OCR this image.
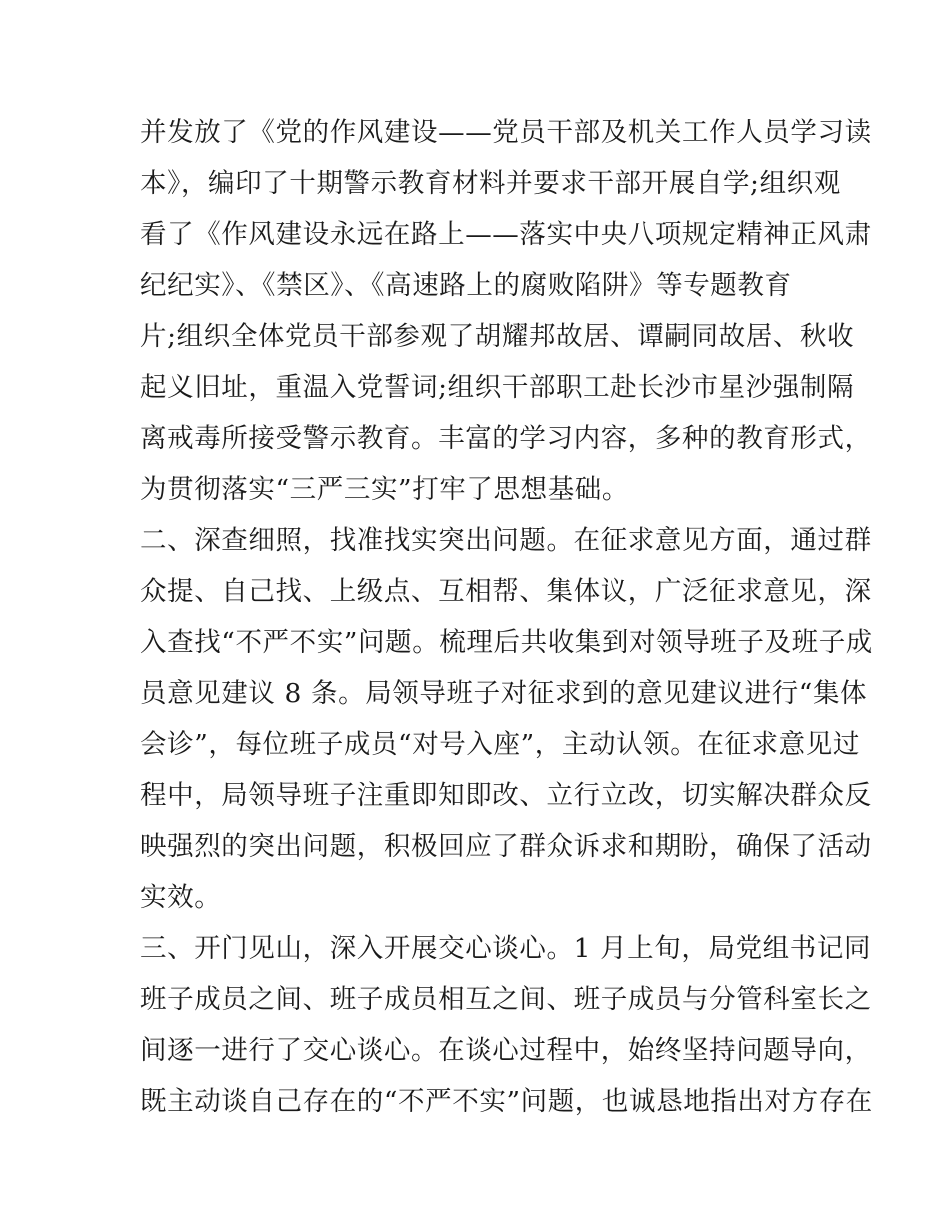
并发放了《党的作风建设——党员干部及机关工作人员学习读
本》，编印了十期警示教育材料并要求干部开展自学;组织观
看了《作风建设永远在路上——落实中央八项规定精神正风肃
纪纪实》、《禁区》、《高速路上的腐败陷阱》等专题教育
片;组织全体党员干部参观了胡耀邦故居、谭嗣同故居、秋收
起义旧址，重温入党誓词;组织干部职工赴长沙市星沙强制隔
离戒毒所接受警示教育。丰富的学习内容，多种的教育形式，
为贯彻落实“三严三实”打牢了思想基础。
二、深查细照，找准找实突出问题。在征求意见方面，通过群
众提、自己找、上级点、互相帮、集体议，广泛征求意见，深
入查找“不严不实”问题。梳理后共收集到对领导班子及班子成
员意见建议 8 条。局领导班子对征求到的意见建议进行“集体
会诊”，每位班子成员“对号入座”，主动认领。在征求意见过
程中，局领导班子注重即知即改、立行立改，切实解决群众反
映强烈的突出问题，积极回应了群众诉求和期盼，确保了活动
实效。
三、开门见山，深入开展交心谈心。1 月上旬，局党组书记同
班子成员之间、班子成员相互之间、班子成员与分管科室长之
间逐一进行了交心谈心。在谈心过程中，始终坚持问题导向，
既主动谈自己存在的“不严不实”问题，也诚恳地指出对方存在
